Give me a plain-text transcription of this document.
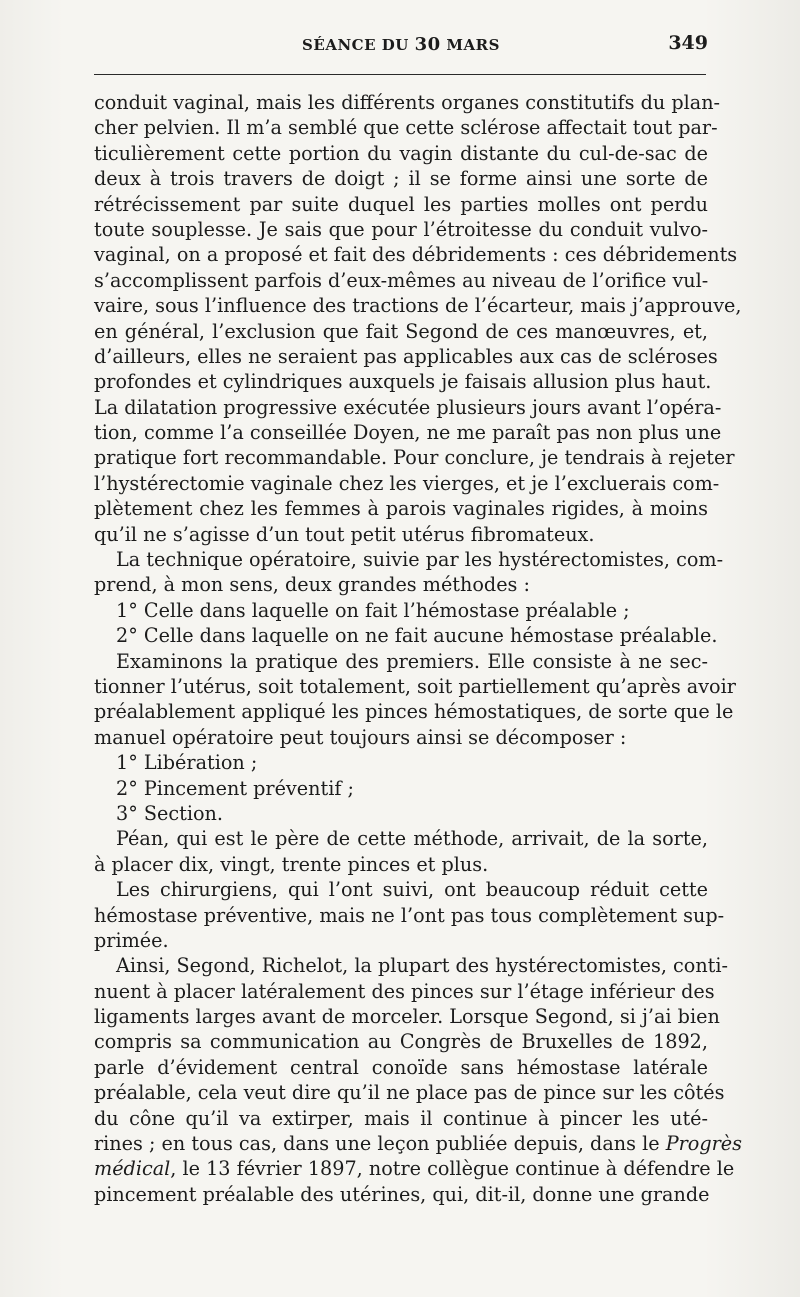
SÉANCE DU 30 MARS	349
conduit vaginal, mais les différents organes constitutifs du plan-
cher pelvien. Il m’a semblé que cette sclérose affectait tout par-
ticulièrement cette portion du vagin distante du cul-de-sac de
deux à trois travers de doigt ; il se forme ainsi une sorte de
rétrécissement par suite duquel les parties molles ont perdu
toute souplesse. Je sais que pour l’étroitesse du conduit vulvo-
vaginal, on a proposé et fait des débridements : ces débridements
s’accomplissent parfois d’eux-mêmes au niveau de l’orifice vul-
vaire, sous l’influence des tractions de l’écarteur, mais j’approuve,
en général, l’exclusion que fait Segond de ces manœuvres, et,
d’ailleurs, elles ne seraient pas applicables aux cas de scléroses
profondes et cylindriques auxquels je faisais allusion plus haut.
La dilatation progressive exécutée plusieurs jours avant l’opéra-
tion, comme l’a conseillée Doyen, ne me paraît pas non plus une
pratique fort recommandable. Pour conclure, je tendrais à rejeter
l’hystérectomie vaginale chez les vierges, et je l’excluerais com-
plètement chez les femmes à parois vaginales rigides, à moins
qu’il ne s’agisse d’un tout petit utérus fibromateux.
La technique opératoire, suivie par les hystérectomistes, com-
prend, à mon sens, deux grandes méthodes :
1° Celle dans laquelle on fait l’hémostase préalable ;
2° Celle dans laquelle on ne fait aucune hémostase préalable.
Examinons la pratique des premiers. Elle consiste à ne sec-
tionner l’utérus, soit totalement, soit partiellement qu’après avoir
préalablement appliqué les pinces hémostatiques, de sorte que le
manuel opératoire peut toujours ainsi se décomposer :
1° Libération ;
2° Pincement préventif ;
3° Section.
Péan, qui est le père de cette méthode, arrivait, de la sorte,
à placer dix, vingt, trente pinces et plus.
Les chirurgiens, qui l’ont suivi, ont beaucoup réduit cette
hémostase préventive, mais ne l’ont pas tous complètement sup-
primée.
Ainsi, Segond, Richelot, la plupart des hystérectomistes, conti-
nuent à placer latéralement des pinces sur l’étage inférieur des
ligaments larges avant de morceler. Lorsque Segond, si j’ai bien
compris sa communication au Congrès de Bruxelles de 1892,
parle d’évidement central conoïde sans hémostase latérale
préalable, cela veut dire qu’il ne place pas de pince sur les côtés
du cône qu’il va extirper, mais il continue à pincer les uté-
rines ; en tous cas, dans une leçon publiée depuis, dans le Progrès
médical, le 13 février 1897, notre collègue continue à défendre le
pincement préalable des utérines, qui, dit-il, donne une grande
